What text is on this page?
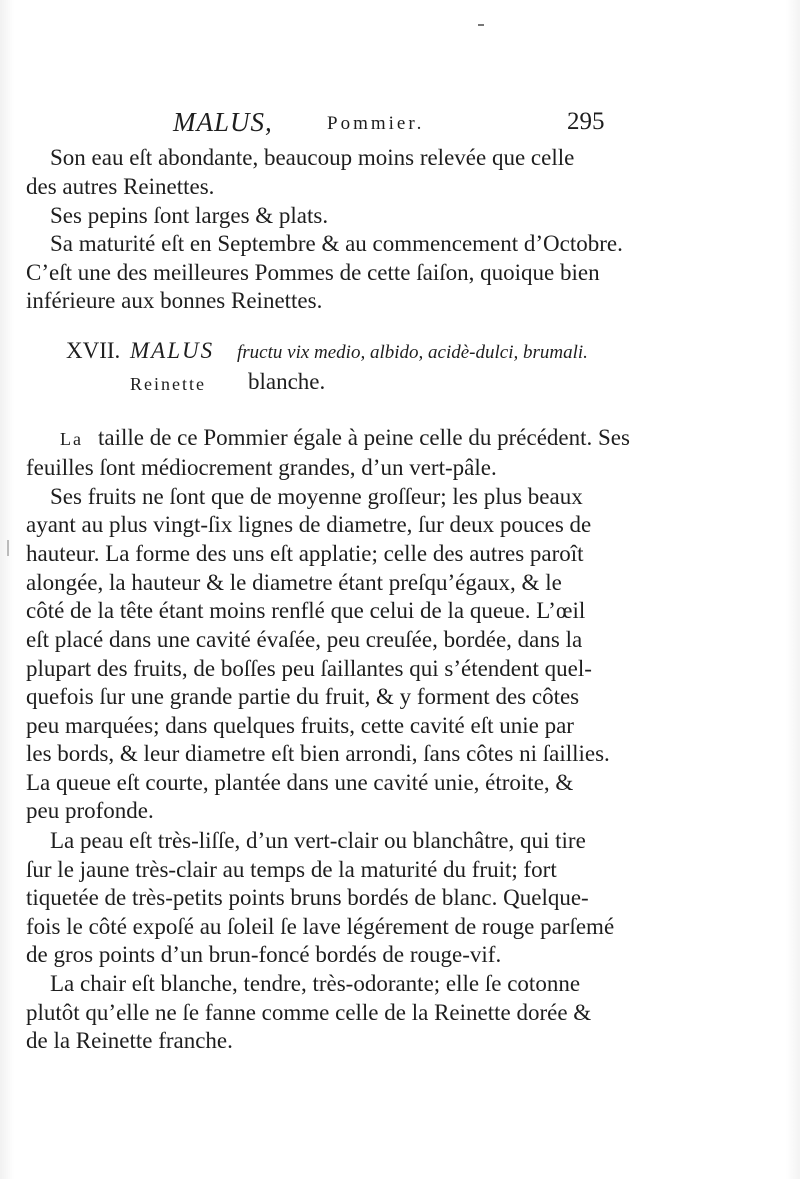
MALUS,	Pommier.	295
Son eau eſt abondante, beaucoup moins relevée que celle
des autres Reinettes.
Ses pepins ſont larges & plats.
Sa maturité eſt en Septembre & au commencement d’Octobre.
C’eſt une des meilleures Pommes de cette ſaiſon, quoique bien
inférieure aux bonnes Reinettes.
XVII. MALUS fructu vix medio, albido, acidè-dulci, brumali.
Reinette blanche.
La taille de ce Pommier égale à peine celle du précédent. Ses
feuilles ſont médiocrement grandes, d’un vert-pâle.
Ses fruits ne ſont que de moyenne groſſeur; les plus beaux
ayant au plus vingt-ſix lignes de diametre, ſur deux pouces de
hauteur. La forme des uns eſt applatie; celle des autres paroît
alongée, la hauteur & le diametre étant preſqu’égaux, & le
côté de la tête étant moins renflé que celui de la queue. L’œil
eſt placé dans une cavité évaſée, peu creuſée, bordée, dans la
plupart des fruits, de boſſes peu ſaillantes qui s’étendent quel-
quefois ſur une grande partie du fruit, & y forment des côtes
peu marquées; dans quelques fruits, cette cavité eſt unie par
les bords, & leur diametre eſt bien arrondi, ſans côtes ni ſaillies.
La queue eſt courte, plantée dans une cavité unie, étroite, &
peu profonde.
La peau eſt très-liſſe, d’un vert-clair ou blanchâtre, qui tire
ſur le jaune très-clair au temps de la maturité du fruit; fort
tiquetée de très-petits points bruns bordés de blanc. Quelque-
fois le côté expoſé au ſoleil ſe lave légérement de rouge parſemé
de gros points d’un brun-foncé bordés de rouge-vif.
La chair eſt blanche, tendre, très-odorante; elle ſe cotonne
plutôt qu’elle ne ſe fanne comme celle de la Reinette dorée &
de la Reinette franche.
